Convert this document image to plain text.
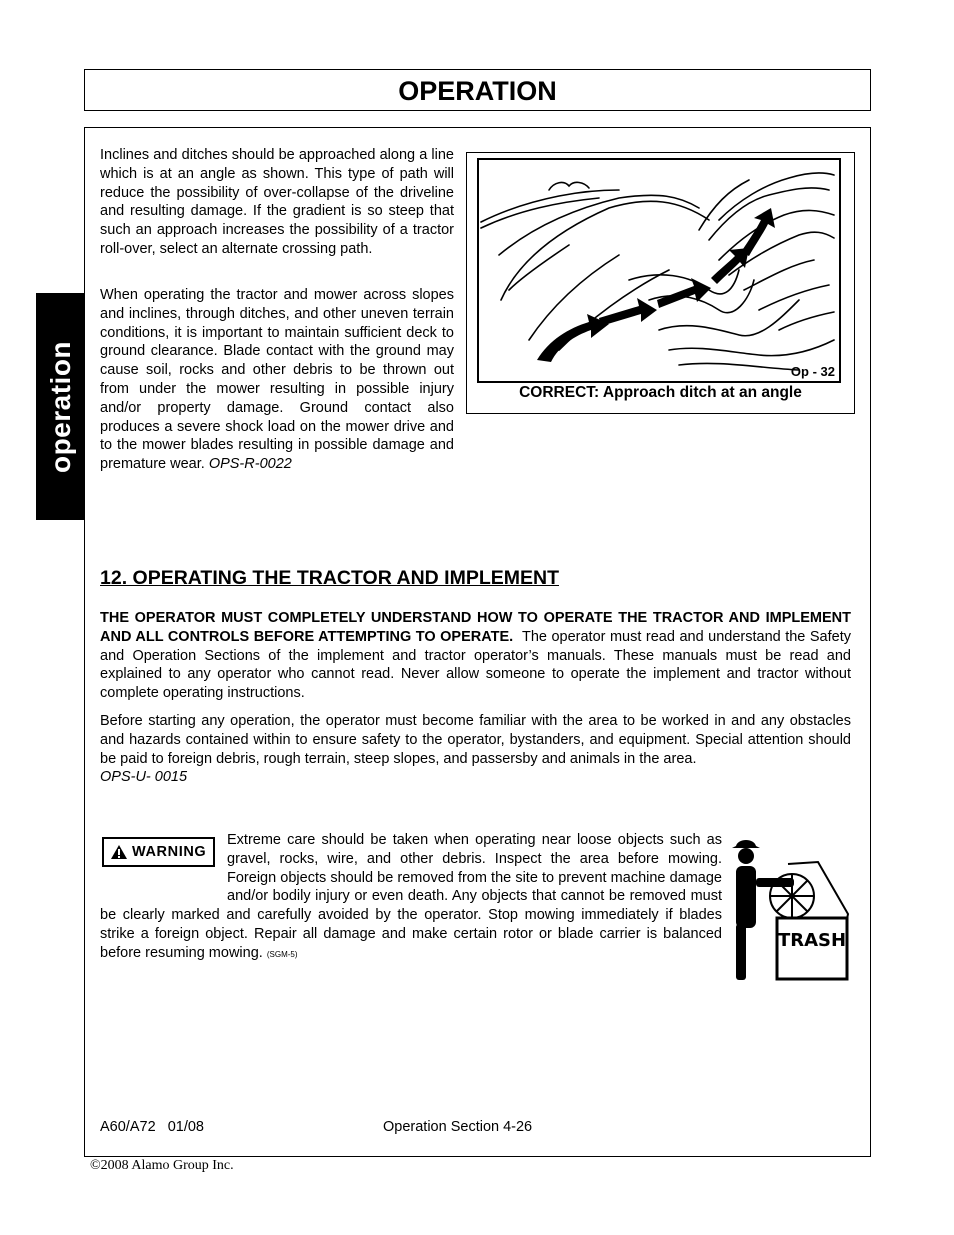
OPERATION
operation

Inclines and ditches should be approached along a line which is at an angle as shown. This type of path will reduce the possibility of over-collapse of the driveline and resulting damage. If the gradient is so steep that such an approach increases the possibility of a tractor roll-over, select an alternate crossing path.

When operating the tractor and mower across slopes and inclines, through ditches, and other uneven terrain conditions, it is important to maintain sufficient deck to ground clearance. Blade contact with the ground may cause soil, rocks and other debris to be thrown out from under the mower resulting in possible injury and/or property damage. Ground contact also produces a severe shock load on the mower drive and to the mower blades resulting in possible damage and premature wear. OPS-R-0022

Op - 32
CORRECT: Approach ditch at an angle
12. OPERATING THE TRACTOR AND IMPLEMENT

THE OPERATOR MUST COMPLETELY UNDERSTAND HOW TO OPERATE THE TRACTOR AND IMPLEMENT AND ALL CONTROLS BEFORE ATTEMPTING TO OPERATE. The operator must read and understand the Safety and Operation Sections of the implement and tractor operator’s manuals. These manuals must be read and explained to any operator who cannot read. Never allow someone to operate the implement and tractor without complete operating instructions.

Before starting any operation, the operator must become familiar with the area to be worked in and any obstacles and hazards contained within to ensure safety to the operator, bystanders, and equipment. Special attention should be paid to foreign debris, rough terrain, steep slopes, and passersby and animals in the area.
OPS-U- 0015

WARNING

Extreme care should be taken when operating near loose objects such as gravel, rocks, wire, and other debris. Inspect the area before mowing. Foreign objects should be removed from the site to prevent machine damage and/or bodily injury or even death. Any objects that cannot be removed must be clearly marked and carefully avoided by the operator. Stop mowing immediately if blades strike a foreign object. Repair all damage and make certain rotor or blade carrier is balanced before resuming mowing. (SGM-5)

TRASH
A60/A72   01/08	Operation Section 4-26
©2008 Alamo Group Inc.
